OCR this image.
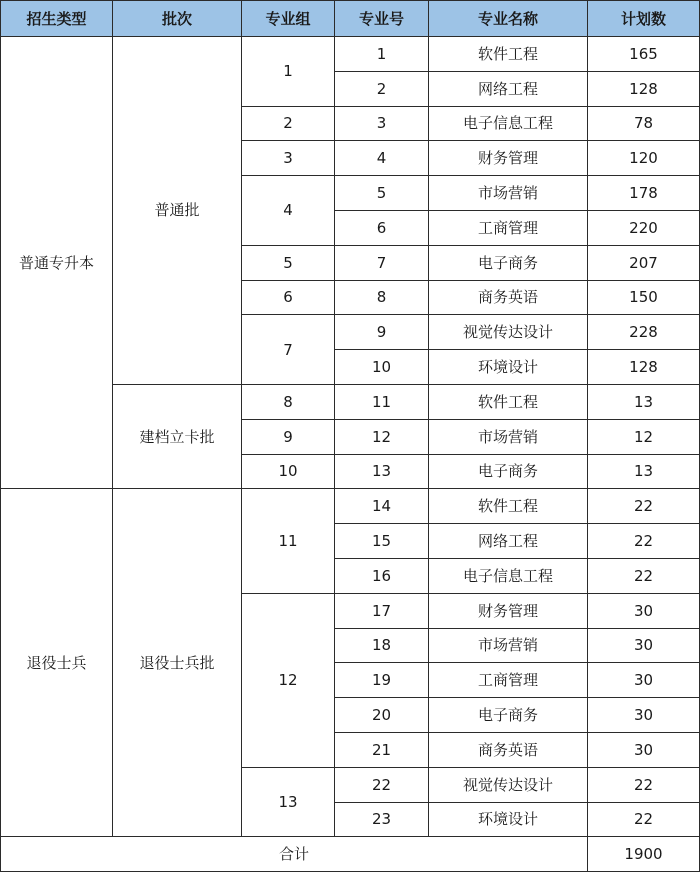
招生类型	批次	专业组	专业号	专业名称	计划数
普通专升本	普通批	1	1	软件工程	165
			2	网络工程	128
		2	3	电子信息工程	78
		3	4	财务管理	120
		4	5	市场营销	178
			6	工商管理	220
		5	7	电子商务	207
		6	8	商务英语	150
		7	9	视觉传达设计	228
			10	环境设计	128
	建档立卡批	8	11	软件工程	13
		9	12	市场营销	12
		10	13	电子商务	13
退役士兵	退役士兵批	11	14	软件工程	22
			15	网络工程	22
			16	电子信息工程	22
		12	17	财务管理	30
			18	市场营销	30
			19	工商管理	30
			20	电子商务	30
			21	商务英语	30
		13	22	视觉传达设计	22
			23	环境设计	22
合计					1900
